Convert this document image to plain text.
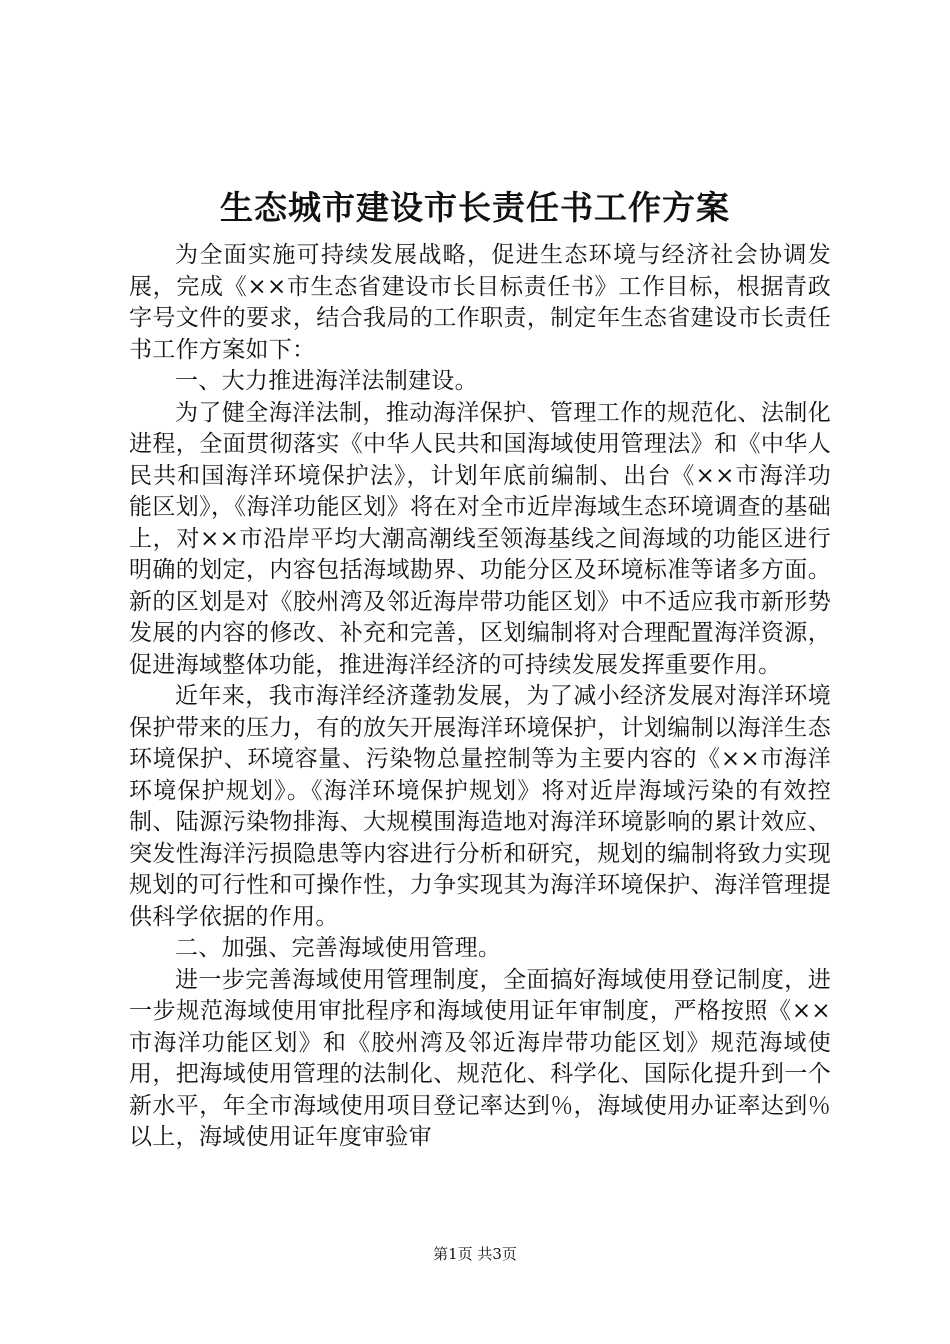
生态城市建设市长责任书工作方案

为全面实施可持续发展战略，促进生态环境与经济社会协调发展，完成《××市生态省建设市长目标责任书》工作目标，根据青政字号文件的要求，结合我局的工作职责，制定年生态省建设市长责任书工作方案如下：

一、大力推进海洋法制建设。

为了健全海洋法制，推动海洋保护、管理工作的规范化、法制化进程，全面贯彻落实《中华人民共和国海域使用管理法》和《中华人民共和国海洋环境保护法》，计划年底前编制、出台《××市海洋功能区划》，《海洋功能区划》将在对全市近岸海域生态环境调查的基础上，对××市沿岸平均大潮高潮线至领海基线之间海域的功能区进行明确的划定，内容包括海域勘界、功能分区及环境标准等诸多方面。新的区划是对《胶州湾及邻近海岸带功能区划》中不适应我市新形势发展的内容的修改、补充和完善，区划编制将对合理配置海洋资源，促进海域整体功能，推进海洋经济的可持续发展发挥重要作用。

近年来，我市海洋经济蓬勃发展，为了减小经济发展对海洋环境保护带来的压力，有的放矢开展海洋环境保护，计划编制以海洋生态环境保护、环境容量、污染物总量控制等为主要内容的《××市海洋环境保护规划》。《海洋环境保护规划》将对近岸海域污染的有效控制、陆源污染物排海、大规模围海造地对海洋环境影响的累计效应、突发性海洋污损隐患等内容进行分析和研究，规划的编制将致力实现规划的可行性和可操作性，力争实现其为海洋环境保护、海洋管理提供科学依据的作用。

二、加强、完善海域使用管理。

进一步完善海域使用管理制度，全面搞好海域使用登记制度，进一步规范海域使用审批程序和海域使用证年审制度，严格按照《××市海洋功能区划》和《胶州湾及邻近海岸带功能区划》规范海域使用，把海域使用管理的法制化、规范化、科学化、国际化提升到一个新水平，年全市海域使用项目登记率达到％，海域使用办证率达到％以上，海域使用证年度审验审

第1页 共3页
